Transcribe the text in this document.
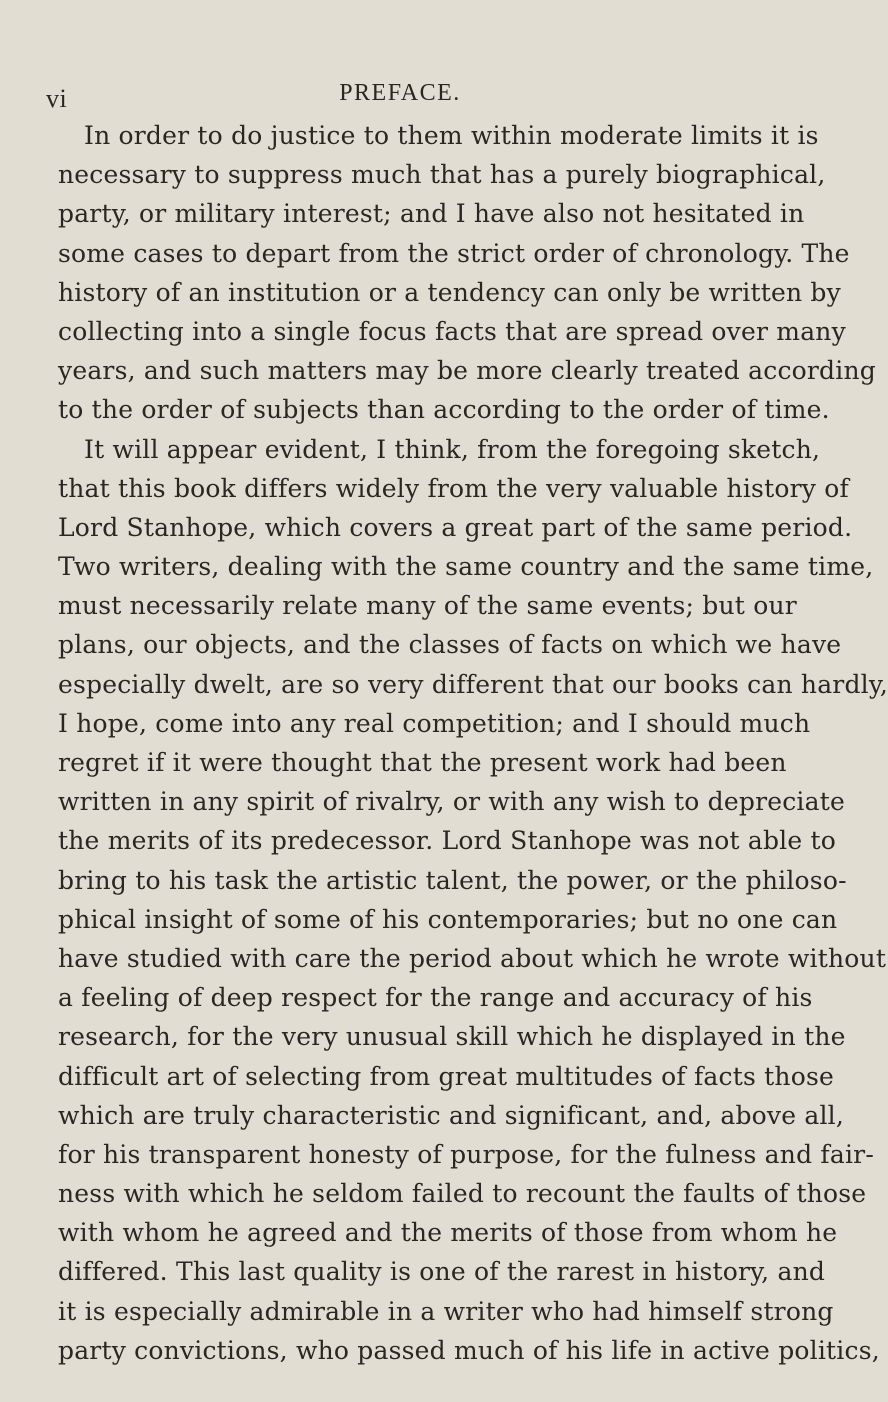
vi	PREFACE.
In order to do justice to them within moderate limits it is
necessary to suppress much that has a purely biographical,
party, or military interest; and I have also not hesitated in
some cases to depart from the strict order of chronology. The
history of an institution or a tendency can only be written by
collecting into a single focus facts that are spread over many
years, and such matters may be more clearly treated according
to the order of subjects than according to the order of time.
It will appear evident, I think, from the foregoing sketch,
that this book differs widely from the very valuable history of
Lord Stanhope, which covers a great part of the same period.
Two writers, dealing with the same country and the same time,
must necessarily relate many of the same events; but our
plans, our objects, and the classes of facts on which we have
especially dwelt, are so very different that our books can hardly,
I hope, come into any real competition; and I should much
regret if it were thought that the present work had been
written in any spirit of rivalry, or with any wish to depreciate
the merits of its predecessor. Lord Stanhope was not able to
bring to his task the artistic talent, the power, or the philoso-
phical insight of some of his contemporaries; but no one can
have studied with care the period about which he wrote without
a feeling of deep respect for the range and accuracy of his
research, for the very unusual skill which he displayed in the
difficult art of selecting from great multitudes of facts those
which are truly characteristic and significant, and, above all,
for his transparent honesty of purpose, for the fulness and fair-
ness with which he seldom failed to recount the faults of those
with whom he agreed and the merits of those from whom he
differed. This last quality is one of the rarest in history, and
it is especially admirable in a writer who had himself strong
party convictions, who passed much of his life in active politics,
